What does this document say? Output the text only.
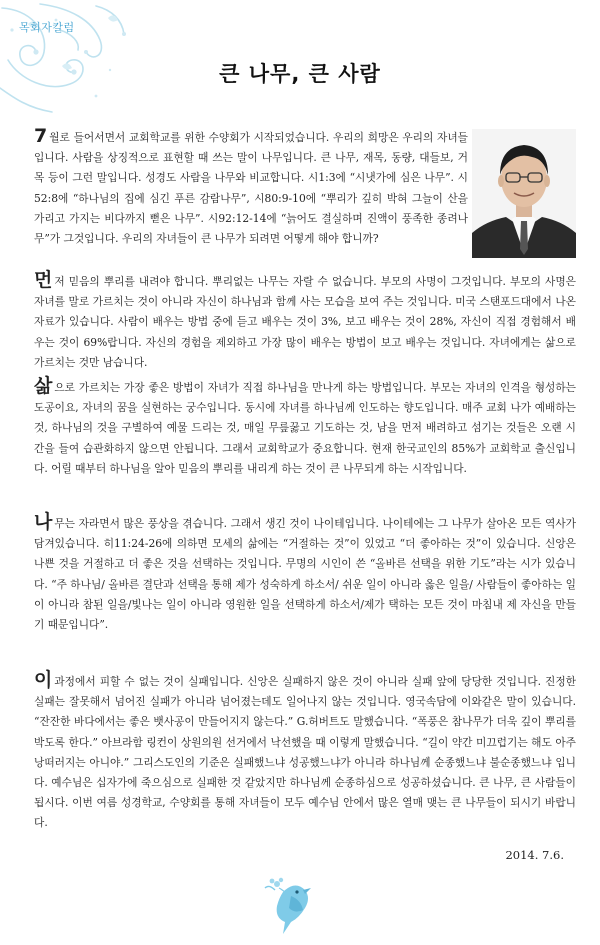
목회자칼럼
큰 나무, 큰 사람

7 월로 들어서면서 교회학교를 위한 수양회가 시작되었습니다. 우리의 희망은 우리의 자녀들입니다. 사람을 상징적으로 표현할 때 쓰는 말이 나무입니다. 큰 나무, 재목, 동량, 대들보, 거목 등이 그런 말입니다. 성경도 사람을 나무와 비교합니다. 시1:3에 “시냇가에 심은 나무”. 시52:8에 “하나님의 집에 심긴 푸른 감람나무”, 시80:9-10에 “뿌리가 깊히 박혀 그늘이 산을 가리고 가지는 비다까지 뻗은 나무”. 시92:12-14에 “늙어도 결실하며 진액이 풍족한 종려나무”가 그것입니다. 우리의 자녀들이 큰 나무가 되려면 어떻게 해야 합니까?

먼저 믿음의 뿌리를 내려야 합니다. 뿌리없는 나무는 자랄 수 없습니다. 부모의 사명이 그것입니다. 부모의 사명은 자녀를 말로 가르치는 것이 아니라 자신이 하나님과 함께 사는 모습을 보여 주는 것입니다. 미국 스탠포드대에서 나온 자료가 있습니다. 사람이 배우는 방법 중에 듣고 배우는 것이 3%, 보고 배우는 것이 28%, 자신이 직접 경험해서 배우는 것이 69%랍니다. 자신의 경험을 제외하고 가장 많이 배우는 방법이 보고 배우는 것입니다. 자녀에게는 삶으로 가르치는 것만 남습니다.

삶으로 가르치는 가장 좋은 방법이 자녀가 직접 하나님을 만나게 하는 방법입니다. 부모는 자녀의 인격을 형성하는 도공이요, 자녀의 꿈을 실현하는 궁수입니다. 동시에 자녀를 하나님께 인도하는 향도입니다. 매주 교회 나가 예배하는 것, 하나님의 것을 구별하여 예물 드리는 것, 매일 무릎꿇고 기도하는 것, 남을 먼저 배려하고 섬기는 것들은 오랜 시간을 들여 습관화하지 않으면 안됩니다. 그래서 교회학교가 중요합니다. 현재 한국교인의 85%가 교회학교 출신입니다. 어릴 때부터 하나님을 알아 믿음의 뿌리를 내리게 하는 것이 큰 나무되게 하는 시작입니다.

나무는 자라면서 많은 풍상을 겪습니다. 그래서 생긴 것이 나이테입니다. 나이테에는 그 나무가 살아온 모든 역사가 담겨있습니다. 히11:24-26에 의하면 모세의 삶에는 “거절하는 것”이 있었고 “더 좋아하는 것”이 있습니다. 신앙은 나쁜 것을 거절하고 더 좋은 것을 선택하는 것입니다. 무명의 시인이 쓴 “올바른 선택을 위한 기도”라는 시가 있습니다. “주 하나님/ 올바른 결단과 선택을 통해 제가 성숙하게 하소서/ 쉬운 일이 아니라 옳은 일을/ 사람들이 좋아하는 일이 아니라 참된 일을/빛나는 일이 아니라 영원한 일을 선택하게 하소서/제가 택하는 모든 것이 마침내 제 자신을 만들기 때문입니다”.

이 과정에서 피할 수 없는 것이 실패입니다. 신앙은 실패하지 않은 것이 아니라 실패 앞에 당당한 것입니다. 진정한 실패는 잘못해서 넘어진 실패가 아니라 넘어졌는데도 일어나지 않는 것입니다. 영국속담에 이와같은 말이 있습니다. “잔잔한 바다에서는 좋은 뱃사공이 만들어지지 않는다.” G.허버트도 말했습니다. “폭풍은 참나무가 더욱 깊이 뿌리를 박도록 한다.” 아브라함 링컨이 상원의원 선거에서 낙선했을 때 이렇게 말했습니다. “길이 약간 미끄럽기는 해도 아주 낭떠러지는 아니야.” 그리스도인의 기준은 실패했느냐 성공했느냐가 아니라 하나님께 순종했느냐 불순종했느냐 입니다. 예수님은 십자가에 죽으심으로 실패한 것 같았지만 하나님께 순종하심으로 성공하셨습니다. 큰 나무, 큰 사람들이 됩시다. 이번 여름 성경학교, 수양회를 통해 자녀들이 모두 예수님 안에서 많은 열매 맺는 큰 나무들이 되시기 바랍니다.

2014. 7.6.
